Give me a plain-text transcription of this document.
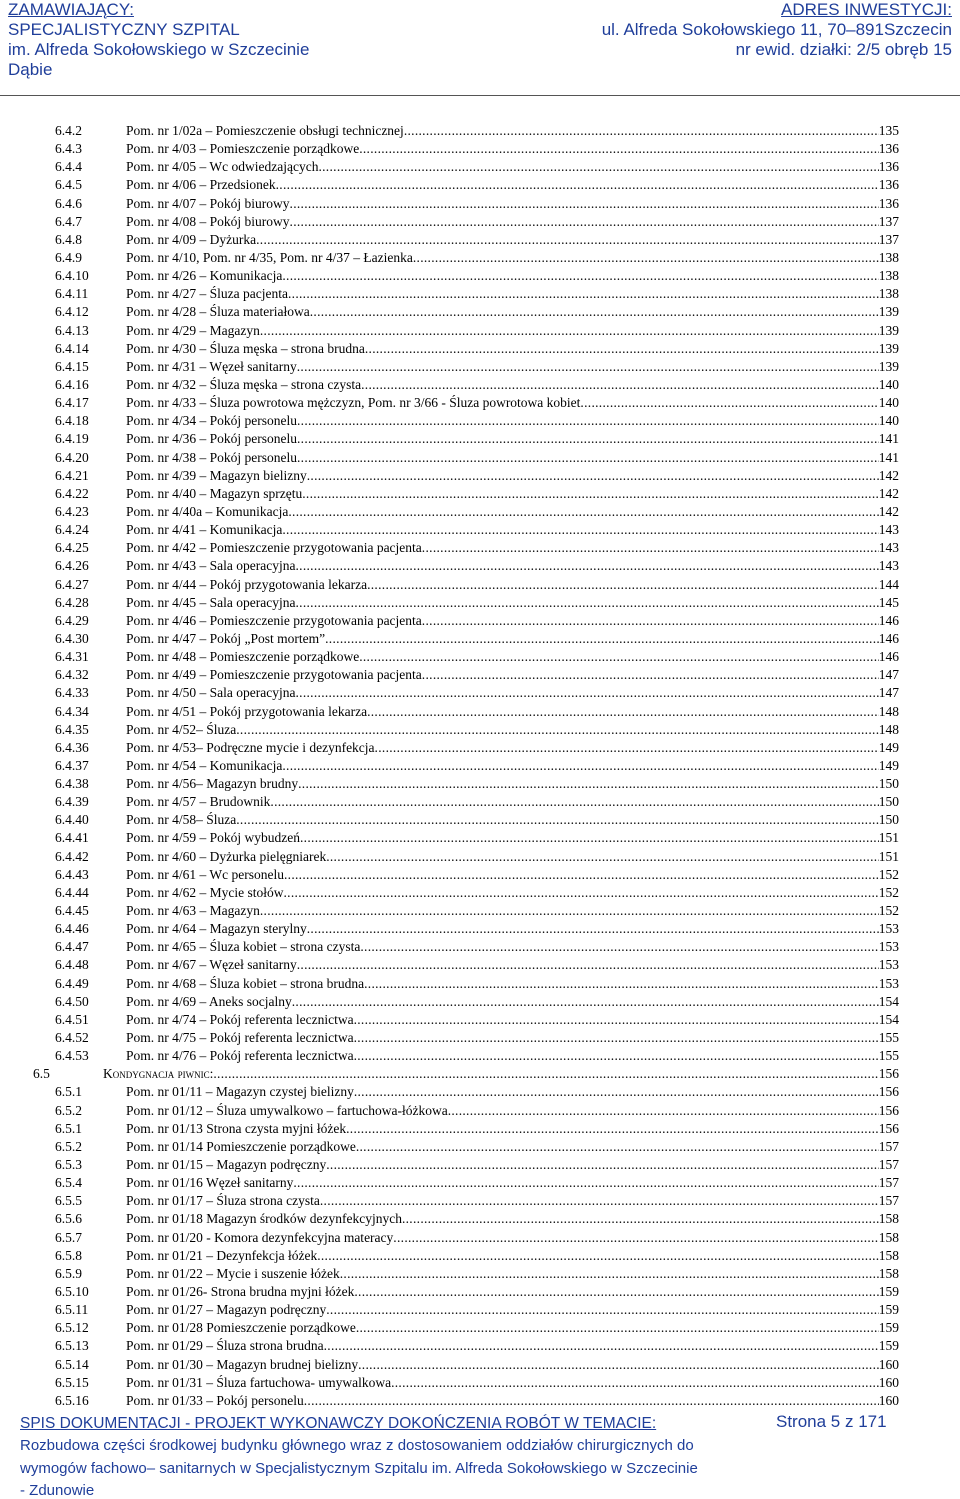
ZAMAWIAJĄCY:
SPECJALISTYCZNY SZPITAL
im. Alfreda Sokołowskiego w Szczecinie
Dąbie
ADRES INWESTYCJI:
ul. Alfreda Sokołowskiego 11, 70–891Szczecin
nr ewid. działki: 2/5 obręb 15
6.4.2	Pom. nr 1/02a – Pomieszczenie obsługi technicznej .....	135
6.4.3	Pom. nr 4/03 – Pomieszczenie porządkowe .....	136
6.4.4	Pom. nr 4/05 – Wc odwiedzających .....	136
6.4.5	Pom. nr 4/06 – Przedsionek .....	136
6.4.6	Pom. nr 4/07 – Pokój biurowy .....	136
6.4.7	Pom. nr 4/08 – Pokój biurowy .....	137
6.4.8	Pom. nr 4/09 – Dyżurka .....	137
6.4.9	Pom. nr 4/10, Pom. nr 4/35, Pom. nr 4/37 – Łazienka .....	138
6.4.10	Pom. nr 4/26 – Komunikacja .....	138
6.4.11	Pom. nr 4/27 – Śluza pacjenta .....	138
6.4.12	Pom. nr 4/28 – Śluza materiałowa .....	139
6.4.13	Pom. nr 4/29 – Magazyn .....	139
6.4.14	Pom. nr 4/30 – Śluza męska – strona brudna .....	139
6.4.15	Pom. nr 4/31 – Węzeł sanitarny .....	139
6.4.16	Pom. nr 4/32 – Śluza męska – strona czysta .....	140
6.4.17	Pom. nr 4/33 – Śluza powrotowa mężczyzn, Pom. nr 3/66 - Śluza powrotowa kobiet .....	140
6.4.18	Pom. nr 4/34 – Pokój personelu .....	140
6.4.19	Pom. nr 4/36 – Pokój personelu .....	141
6.4.20	Pom. nr 4/38 – Pokój personelu .....	141
6.4.21	Pom. nr 4/39 – Magazyn bielizny .....	142
6.4.22	Pom. nr 4/40 – Magazyn sprzętu .....	142
6.4.23	Pom. nr 4/40a – Komunikacja .....	142
6.4.24	Pom. nr 4/41 – Komunikacja .....	143
6.4.25	Pom. nr 4/42 – Pomieszczenie przygotowania pacjenta .....	143
6.4.26	Pom. nr 4/43 – Sala operacyjna .....	143
6.4.27	Pom. nr 4/44 – Pokój przygotowania lekarza .....	144
6.4.28	Pom. nr 4/45 – Sala operacyjna .....	145
6.4.29	Pom. nr 4/46 – Pomieszczenie przygotowania pacjenta .....	146
6.4.30	Pom. nr 4/47 – Pokój „Post mortem” .....	146
6.4.31	Pom. nr 4/48 – Pomieszczenie porządkowe .....	146
6.4.32	Pom. nr 4/49 – Pomieszczenie przygotowania pacjenta .....	147
6.4.33	Pom. nr 4/50 – Sala operacyjna .....	147
6.4.34	Pom. nr 4/51 – Pokój przygotowania lekarza .....	148
6.4.35	Pom. nr 4/52– Śluza .....	148
6.4.36	Pom. nr 4/53– Podręczne mycie i dezynfekcja .....	149
6.4.37	Pom. nr 4/54 – Komunikacja .....	149
6.4.38	Pom. nr 4/56– Magazyn brudny .....	150
6.4.39	Pom. nr 4/57 – Brudownik .....	150
6.4.40	Pom. nr 4/58– Śluza .....	150
6.4.41	Pom. nr 4/59 – Pokój wybudzeń .....	151
6.4.42	Pom. nr 4/60 – Dyżurka pielęgniarek .....	151
6.4.43	Pom. nr 4/61 – Wc personelu .....	152
6.4.44	Pom. nr 4/62 – Mycie stołów .....	152
6.4.45	Pom. nr 4/63 – Magazyn .....	152
6.4.46	Pom. nr 4/64 – Magazyn sterylny .....	153
6.4.47	Pom. nr 4/65 – Śluza kobiet – strona czysta .....	153
6.4.48	Pom. nr 4/67 – Węzeł sanitarny .....	153
6.4.49	Pom. nr 4/68 – Śluza kobiet – strona brudna .....	153
6.4.50	Pom. nr 4/69 – Aneks socjalny .....	154
6.4.51	Pom. nr 4/74 – Pokój referenta lecznictwa .....	154
6.4.52	Pom. nr 4/75 – Pokój referenta lecznictwa .....	155
6.4.53	Pom. nr 4/76 – Pokój referenta lecznictwa .....	155
6.5	Kondygnacja piwnic: .....	156
6.5.1	Pom. nr 01/11 – Magazyn czystej bielizny .....	156
6.5.2	Pom. nr 01/12 – Śluza umywalkowo – fartuchowa-łóżkowa .....	156
6.5.1	Pom. nr 01/13 Strona czysta myjni łóżek .....	156
6.5.2	Pom. nr 01/14 Pomieszczenie porządkowe .....	157
6.5.3	Pom. nr 01/15 – Magazyn podręczny .....	157
6.5.4	Pom. nr 01/16 Węzeł sanitarny .....	157
6.5.5	Pom. nr 01/17 – Śluza strona czysta .....	157
6.5.6	Pom. nr 01/18 Magazyn środków dezynfekcyjnych .....	158
6.5.7	Pom. nr 01/20 - Komora dezynfekcyjna materacy .....	158
6.5.8	Pom. nr 01/21 – Dezynfekcja łóżek .....	158
6.5.9	Pom. nr 01/22 – Mycie i suszenie łóżek .....	158
6.5.10	Pom. nr 01/26- Strona brudna myjni łóżek .....	159
6.5.11	Pom. nr 01/27 – Magazyn podręczny .....	159
6.5.12	Pom. nr 01/28 Pomieszczenie porządkowe .....	159
6.5.13	Pom. nr 01/29 – Śluza strona brudna .....	159
6.5.14	Pom. nr 01/30 – Magazyn brudnej bielizny .....	160
6.5.15	Pom. nr 01/31 – Śluza fartuchowa- umywalkowa .....	160
6.5.16	Pom. nr 01/33 – Pokój personelu .....	160
SPIS DOKUMENTACJI - PROJEKT WYKONAWCZY DOKOŃCZENIA ROBÓT W TEMACIE:	Strona 5 z 171
Rozbudowa części środkowej budynku głównego wraz z dostosowaniem oddziałów chirurgicznych do
wymogów fachowo– sanitarnych w Specjalistycznym Szpitalu im. Alfreda Sokołowskiego w Szczecinie
- Zdunowie
